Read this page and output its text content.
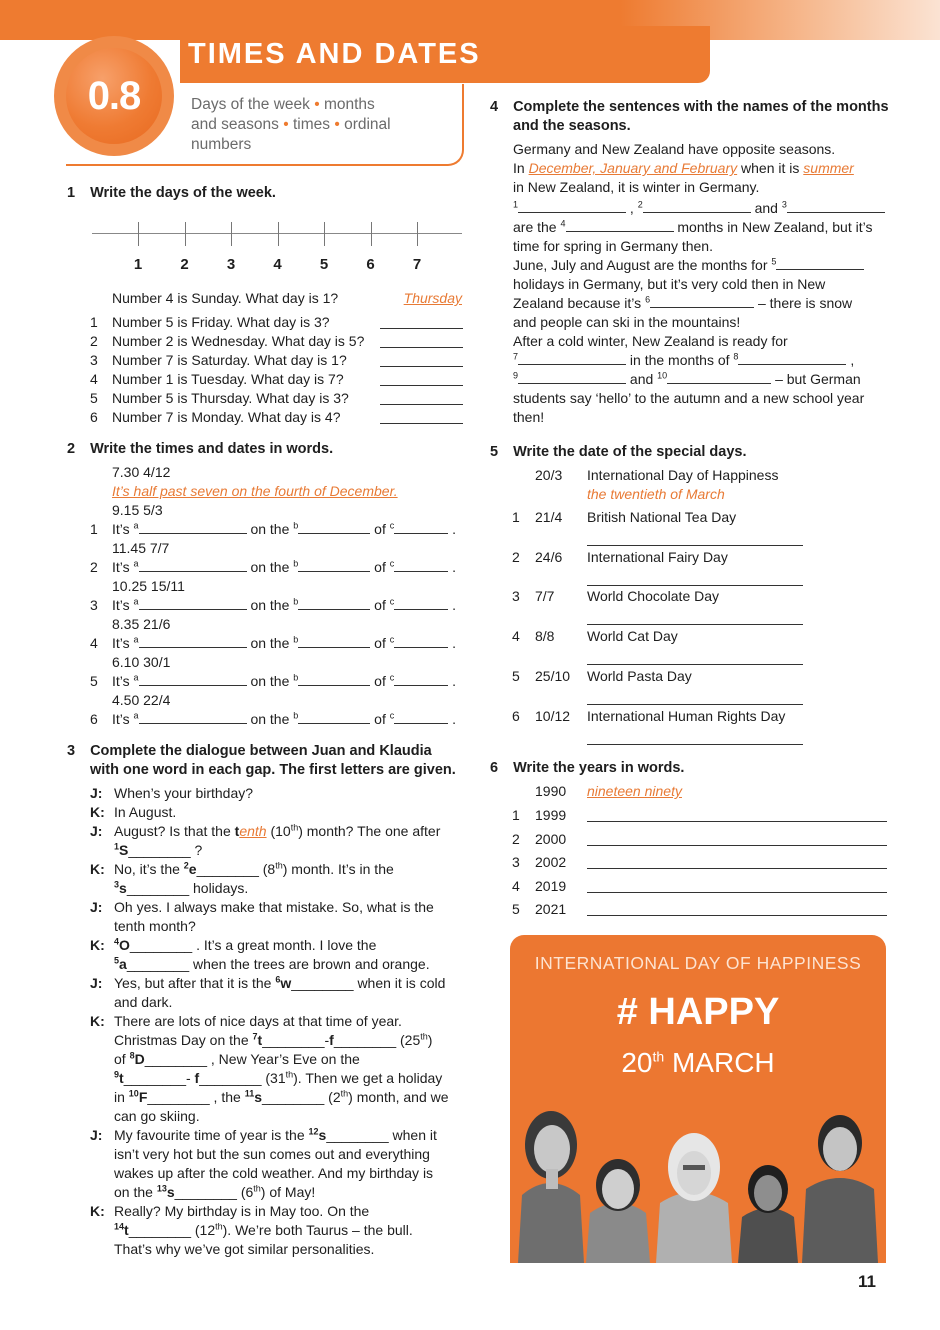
TIMES AND DATES
0.8	Days of the week • months
and seasons • times • ordinal
numbers
1 Write the days of the week.
1	2	3	4	5	6	7
Number 4 is Sunday. What day is 1?	Thursday
1 Number 5 is Friday. What day is 3?
2 Number 2 is Wednesday. What day is 5?
3 Number 7 is Saturday. What day is 1?
4 Number 1 is Tuesday. What day is 7?
5 Number 5 is Thursday. What day is 3?
6 Number 7 is Monday. What day is 4?
2 Write the times and dates in words.
7.30 4/12
It’s half past seven on the fourth of December.
9.15 5/3
1 It’s $^a$	on the $^b$	of $^c$	.
11.45 7/7
2 It’s $^a$	on the $^b$	of $^c$	.
10.25 15/11
3 It’s $^a$	on the $^b$	of $^c$	.
8.35 21/6
4 It’s $^a$	on the $^b$	of $^c$	.
6.10 30/1
5 It’s $^a$	on the $^b$	of $^c$	.
4.50 22/4
6 It’s $^a$	on the $^b$	of $^c$	.
3 Complete the dialogue between Juan and Klaudia
with one word in each gap. The first letters are given.
J: When’s your birthday?
K: In August.
J: August? Is that the tenth (10th) month? The one after
$^1$S________ ?
K: No, it’s the $^2$e________ (8th) month. It’s in the
$^3$s________ holidays.
J: Oh yes. I always make that mistake. So, what is the
tenth month?
K:	$^4$O________ . It’s a great month. I love the
$^5$a________ when the trees are brown and orange.
J: Yes, but after that it is the $^6$w________ when it is cold
and dark.
K: There are lots of nice days at that time of year.
Christmas Day on the $^7$t________-f________ (25th)
of $^8$D________ , New Year’s Eve on the
$^9$t________- f________ (31th). Then we get a holiday
in $^{10}$F________ , the $^{11}$s________ (2th) month, and we
can go skiing.
J: My favourite time of year is the $^{12}$s________ when it
isn’t very hot but the sun comes out and everything
wakes up after the cold weather. And my birthday is
on the $^{13}$s________ (6th) of May!
K: Really? My birthday is in May too. On the
$^{14}$t________ (12th). We’re both Taurus – the bull.
That’s why we’ve got similar personalities.
4 Complete the sentences with the names of the months
and the seasons.
Germany and New Zealand have opposite seasons.
In December, January and February when it is summer
in New Zealand, it is winter in Germany.
$^1$	, $^2$	and $^3$
are the $^4$	months in New Zealand, but it’s
time for spring in Germany then.
June, July and August are the months for $^5$
holidays in Germany, but it’s very cold then in New
Zealand because it’s $^6$	– there is snow
and people can ski in the mountains!
After a cold winter, New Zealand is ready for
$^7$	in the months of $^8$	,
$^9$	and $^{10}$	– but German
students say ‘hello’ to the autumn and a new school year
then!
5 Write the date of the special days.
20/3 International Day of Happiness
the twentieth of March
1 21/4 British National Tea Day
2 24/6 International Fairy Day
3 7/7 World Chocolate Day
4 8/8 World Cat Day
5 25/10 World Pasta Day
6 10/12 International Human Rights Day
6 Write the years in words.
1990 nineteen ninety
1 1999
2 2000
3 2002
4 2019
5 2021
INTERNATIONAL DAY OF HAPPINESS
# HAPPY
20th MARCH
11
